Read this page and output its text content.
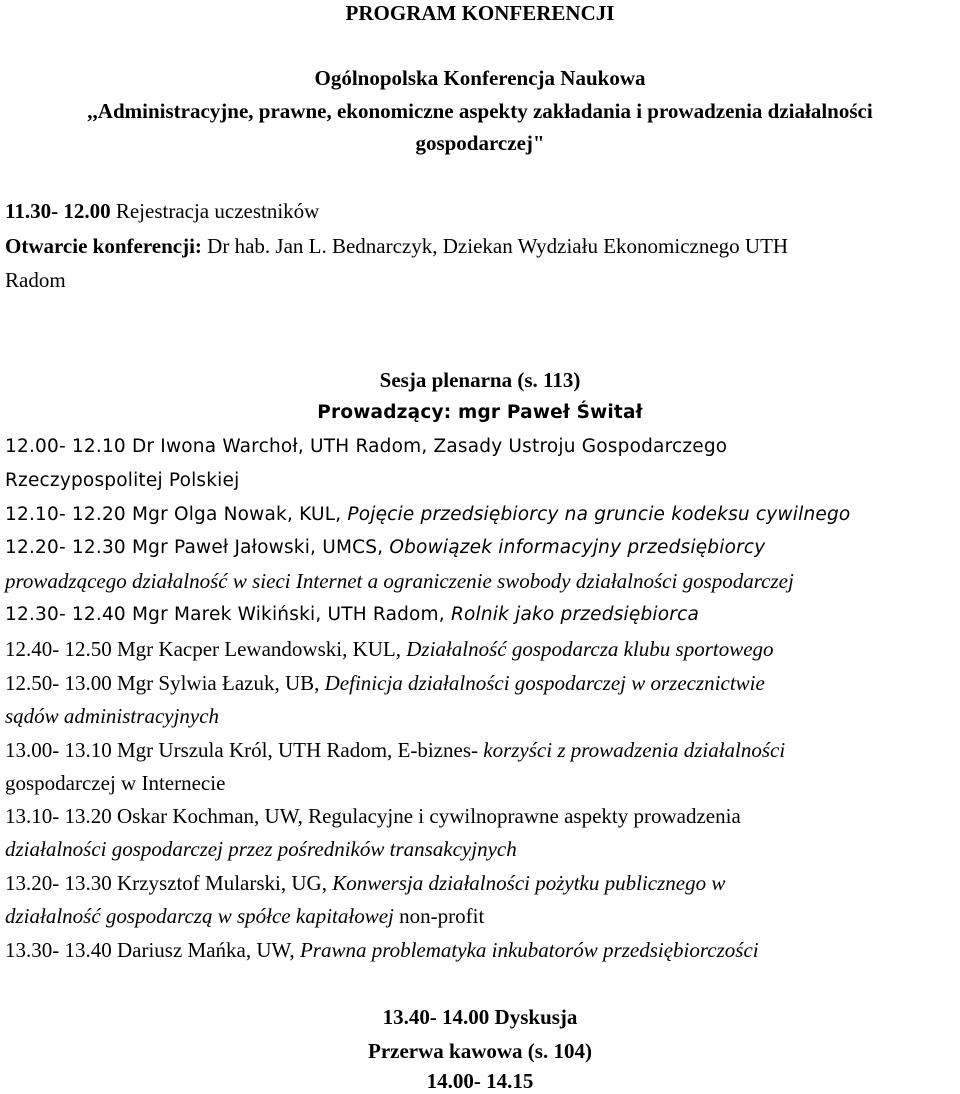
PROGRAM KONFERENCJI
Ogólnopolska Konferencja Naukowa
,,Administracyjne, prawne, ekonomiczne aspekty zakładania i prowadzenia działalności
gospodarczej"
11.30- 12.00 Rejestracja uczestników
Otwarcie konferencji: Dr hab. Jan L. Bednarczyk, Dziekan Wydziału Ekonomicznego UTH
Radom
Sesja plenarna (s. 113)
Prowadzący: mgr Paweł Świtał
12.00- 12.10 Dr Iwona Warchoł, UTH Radom, Zasady Ustroju Gospodarczego
Rzeczypospolitej Polskiej
12.10- 12.20 Mgr Olga Nowak, KUL, Pojęcie przedsiębiorcy na gruncie kodeksu cywilnego
12.20- 12.30 Mgr Paweł Jałowski, UMCS, Obowiązek informacyjny przedsiębiorcy
prowadzącego działalność w sieci Internet a ograniczenie swobody działalności gospodarczej
12.30- 12.40 Mgr Marek Wikiński, UTH Radom, Rolnik jako przedsiębiorca
12.40- 12.50 Mgr Kacper Lewandowski, KUL, Działalność gospodarcza klubu sportowego
12.50- 13.00 Mgr Sylwia Łazuk, UB, Definicja działalności gospodarczej w orzecznictwie
sądów administracyjnych
13.00- 13.10 Mgr Urszula Król, UTH Radom, E-biznes- korzyści z prowadzenia działalności
gospodarczej w Internecie
13.10- 13.20 Oskar Kochman, UW, Regulacyjne i cywilnoprawne aspekty prowadzenia
działalności gospodarczej przez pośredników transakcyjnych
13.20- 13.30 Krzysztof Mularski, UG, Konwersja działalności pożytku publicznego w
działalność gospodarczą w spółce kapitałowej non-profit
13.30- 13.40 Dariusz Mańka, UW, Prawna problematyka inkubatorów przedsiębiorczości
13.40- 14.00 Dyskusja
Przerwa kawowa (s. 104)
14.00- 14.15
